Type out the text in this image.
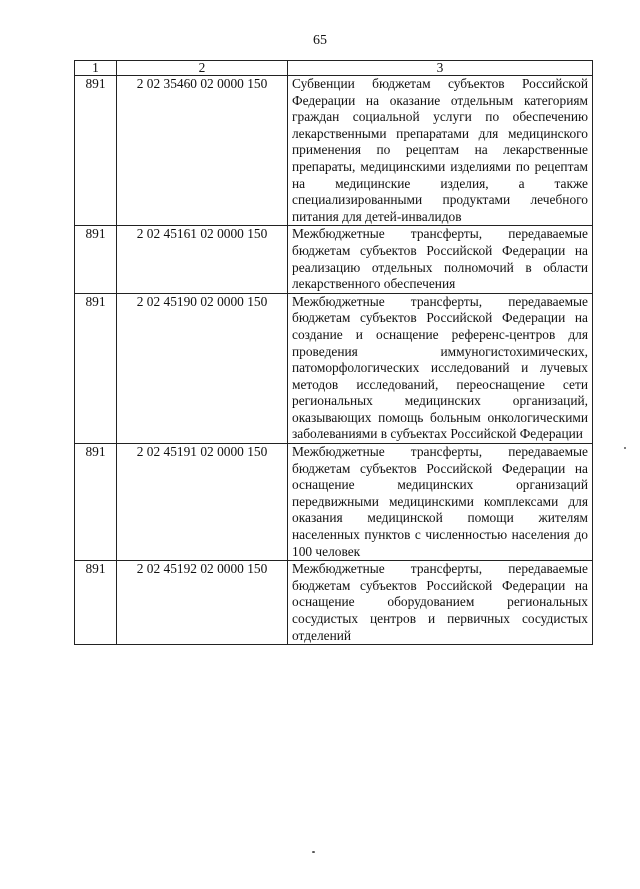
65
1	2	3
891	2 02 35460 02 0000 150	Субвенции бюджетам субъектов Российской Федерации на оказание отдельным категориям граждан социальной услуги по обеспечению лекарственными препаратами для медицинского применения по рецептам на лекарственные препараты, медицинскими изделиями по рецептам на медицинские изделия, а также специализированными продуктами лечебного питания для детей-инвалидов
891	2 02 45161 02 0000 150	Межбюджетные трансферты, передаваемые бюджетам субъектов Российской Федерации на реализацию отдельных полномочий в области лекарственного обеспечения
891	2 02 45190 02 0000 150	Межбюджетные трансферты, передаваемые бюджетам субъектов Российской Федерации на создание и оснащение референс-центров для проведения иммуногистохимических, патоморфологических исследований и лучевых методов исследований, переоснащение сети региональных медицинских организаций, оказывающих помощь больным онкологическими заболеваниями в субъектах Российской Федерации
891	2 02 45191 02 0000 150	Межбюджетные трансферты, передаваемые бюджетам субъектов Российской Федерации на оснащение медицинских организаций передвижными медицинскими комплексами для оказания медицинской помощи жителям населенных пунктов с численностью населения до 100 человек
891	2 02 45192 02 0000 150	Межбюджетные трансферты, передаваемые бюджетам субъектов Российской Федерации на оснащение оборудованием региональных сосудистых центров и первичных сосудистых отделений
